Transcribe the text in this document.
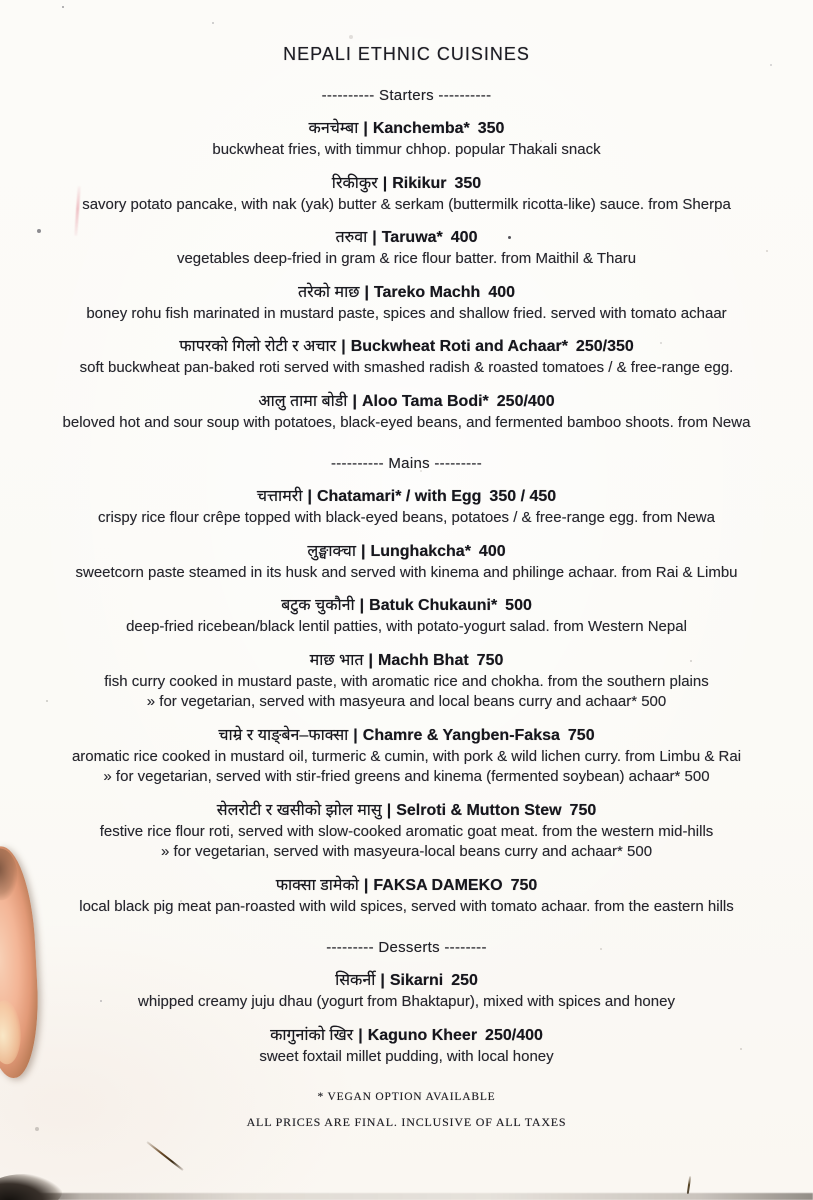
NEPALI ETHNIC CUISINES
---------- Starters ----------
कनचेम्बा | Kanchemba* 350
buckwheat fries, with timmur chhop. popular Thakali snack
रिकीकुर | Rikikur 350
savory potato pancake, with nak (yak) butter & serkam (buttermilk ricotta-like) sauce. from Sherpa
तरुवा | Taruwa* 400
vegetables deep-fried in gram & rice flour batter. from Maithil & Tharu
तरेको माछ | Tareko Machh 400
boney rohu fish marinated in mustard paste, spices and shallow fried. served with tomato achaar
फापरको गिलो रोटी र अचार | Buckwheat Roti and Achaar* 250/350
soft buckwheat pan-baked roti served with smashed radish & roasted tomatoes / & free-range egg.
आलु तामा बोडी | Aloo Tama Bodi* 250/400
beloved hot and sour soup with potatoes, black-eyed beans, and fermented bamboo shoots. from Newa
---------- Mains ---------
चत्तामरी | Chatamari* / with Egg 350 / 450
crispy rice flour crêpe topped with black-eyed beans, potatoes / & free-range egg. from Newa
लुङ्घाक्चा | Lunghakcha* 400
sweetcorn paste steamed in its husk and served with kinema and philinge achaar. from Rai & Limbu
बटुक चुकौनी | Batuk Chukauni* 500
deep-fried ricebean/black lentil patties, with potato-yogurt salad. from Western Nepal
माछ भात | Machh Bhat 750
fish curry cooked in mustard paste, with aromatic rice and chokha. from the southern plains
» for vegetarian, served with masyeura and local beans curry and achaar* 500
चाम्रे र याङ्बेन–फाक्सा | Chamre & Yangben-Faksa 750
aromatic rice cooked in mustard oil, turmeric & cumin, with pork & wild lichen curry. from Limbu & Rai
» for vegetarian, served with stir-fried greens and kinema (fermented soybean) achaar* 500
सेलरोटी र खसीको झोल मासु | Selroti & Mutton Stew 750
festive rice flour roti, served with slow-cooked aromatic goat meat. from the western mid-hills
» for vegetarian, served with masyeura-local beans curry and achaar* 500
फाक्सा डामेको | FAKSA DAMEKO 750
local black pig meat pan-roasted with wild spices, served with tomato achaar. from the eastern hills
--------- Desserts --------
सिकर्नी | Sikarni 250
whipped creamy juju dhau (yogurt from Bhaktapur), mixed with spices and honey
कागुनांको खिर | Kaguno Kheer 250/400
sweet foxtail millet pudding, with local honey
* VEGAN OPTION AVAILABLE
ALL PRICES ARE FINAL. INCLUSIVE OF ALL TAXES
